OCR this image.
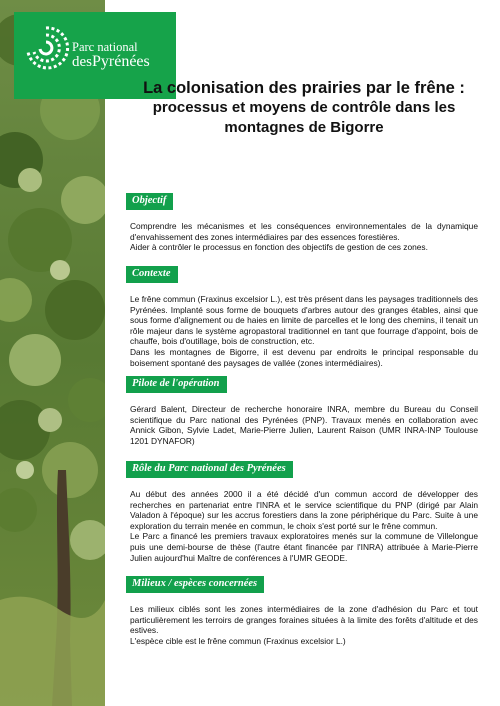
Parc national
desPyrénées
La colonisation des prairies par le frêne :
processus et moyens de contrôle dans les montagnes de Bigorre
Objectif

Comprendre les mécanismes et les conséquences environnementales de la dynamique d'envahissement des zones intermédiaires par des essences forestières.

Aider à contrôler le processus en fonction des objectifs de gestion de ces zones.

Contexte

Le frêne commun (Fraxinus excelsior L.), est très présent dans les paysages traditionnels des Pyrénées. Implanté sous forme de bouquets d'arbres autour des granges étables, ainsi que sous forme d'alignement ou de haies en limite de parcelles et le long des chemins, il tenait un rôle majeur dans le système agropastoral traditionnel en tant que fourrage d'appoint, bois de chauffe, bois d'outillage, bois de construction, etc.

Dans les montagnes de Bigorre, il est devenu par endroits le principal responsable du boisement spontané des paysages de vallée (zones intermédiaires).

Pilote de l'opération

Gérard Balent, Directeur de recherche honoraire INRA, membre du Bureau du Conseil scientifique du Parc national des Pyrénées (PNP). Travaux menés en collaboration avec Annick Gibon, Sylvie Ladet, Marie-Pierre Julien, Laurent Raison (UMR INRA-INP Toulouse 1201 DYNAFOR)

Rôle du Parc national des Pyrénées

Au début des années 2000 il a été décidé d'un commun accord de développer des recherches en partenariat entre l'INRA et le service scientifique du PNP (dirigé par Alain Valadon à l'époque) sur les accrus forestiers dans la zone périphérique du Parc. Suite à une exploration du terrain menée en commun, le choix s'est porté sur le frêne commun.

Le Parc a financé les premiers travaux exploratoires menés sur la commune de Villelongue puis une demi-bourse de thèse (l'autre étant financée par l'INRA) attribuée à Marie-Pierre Julien aujourd'hui Maître de conférences à l'UMR GEODE.

Milieux / espèces concernées

Les milieux ciblés sont les zones intermédiaires de la zone d'adhésion du Parc et tout particulièrement les terroirs de granges foraines situées à la limite des forêts d'altitude et des estives.

L'espèce cible est le frêne commun (Fraxinus excelsior L.)
